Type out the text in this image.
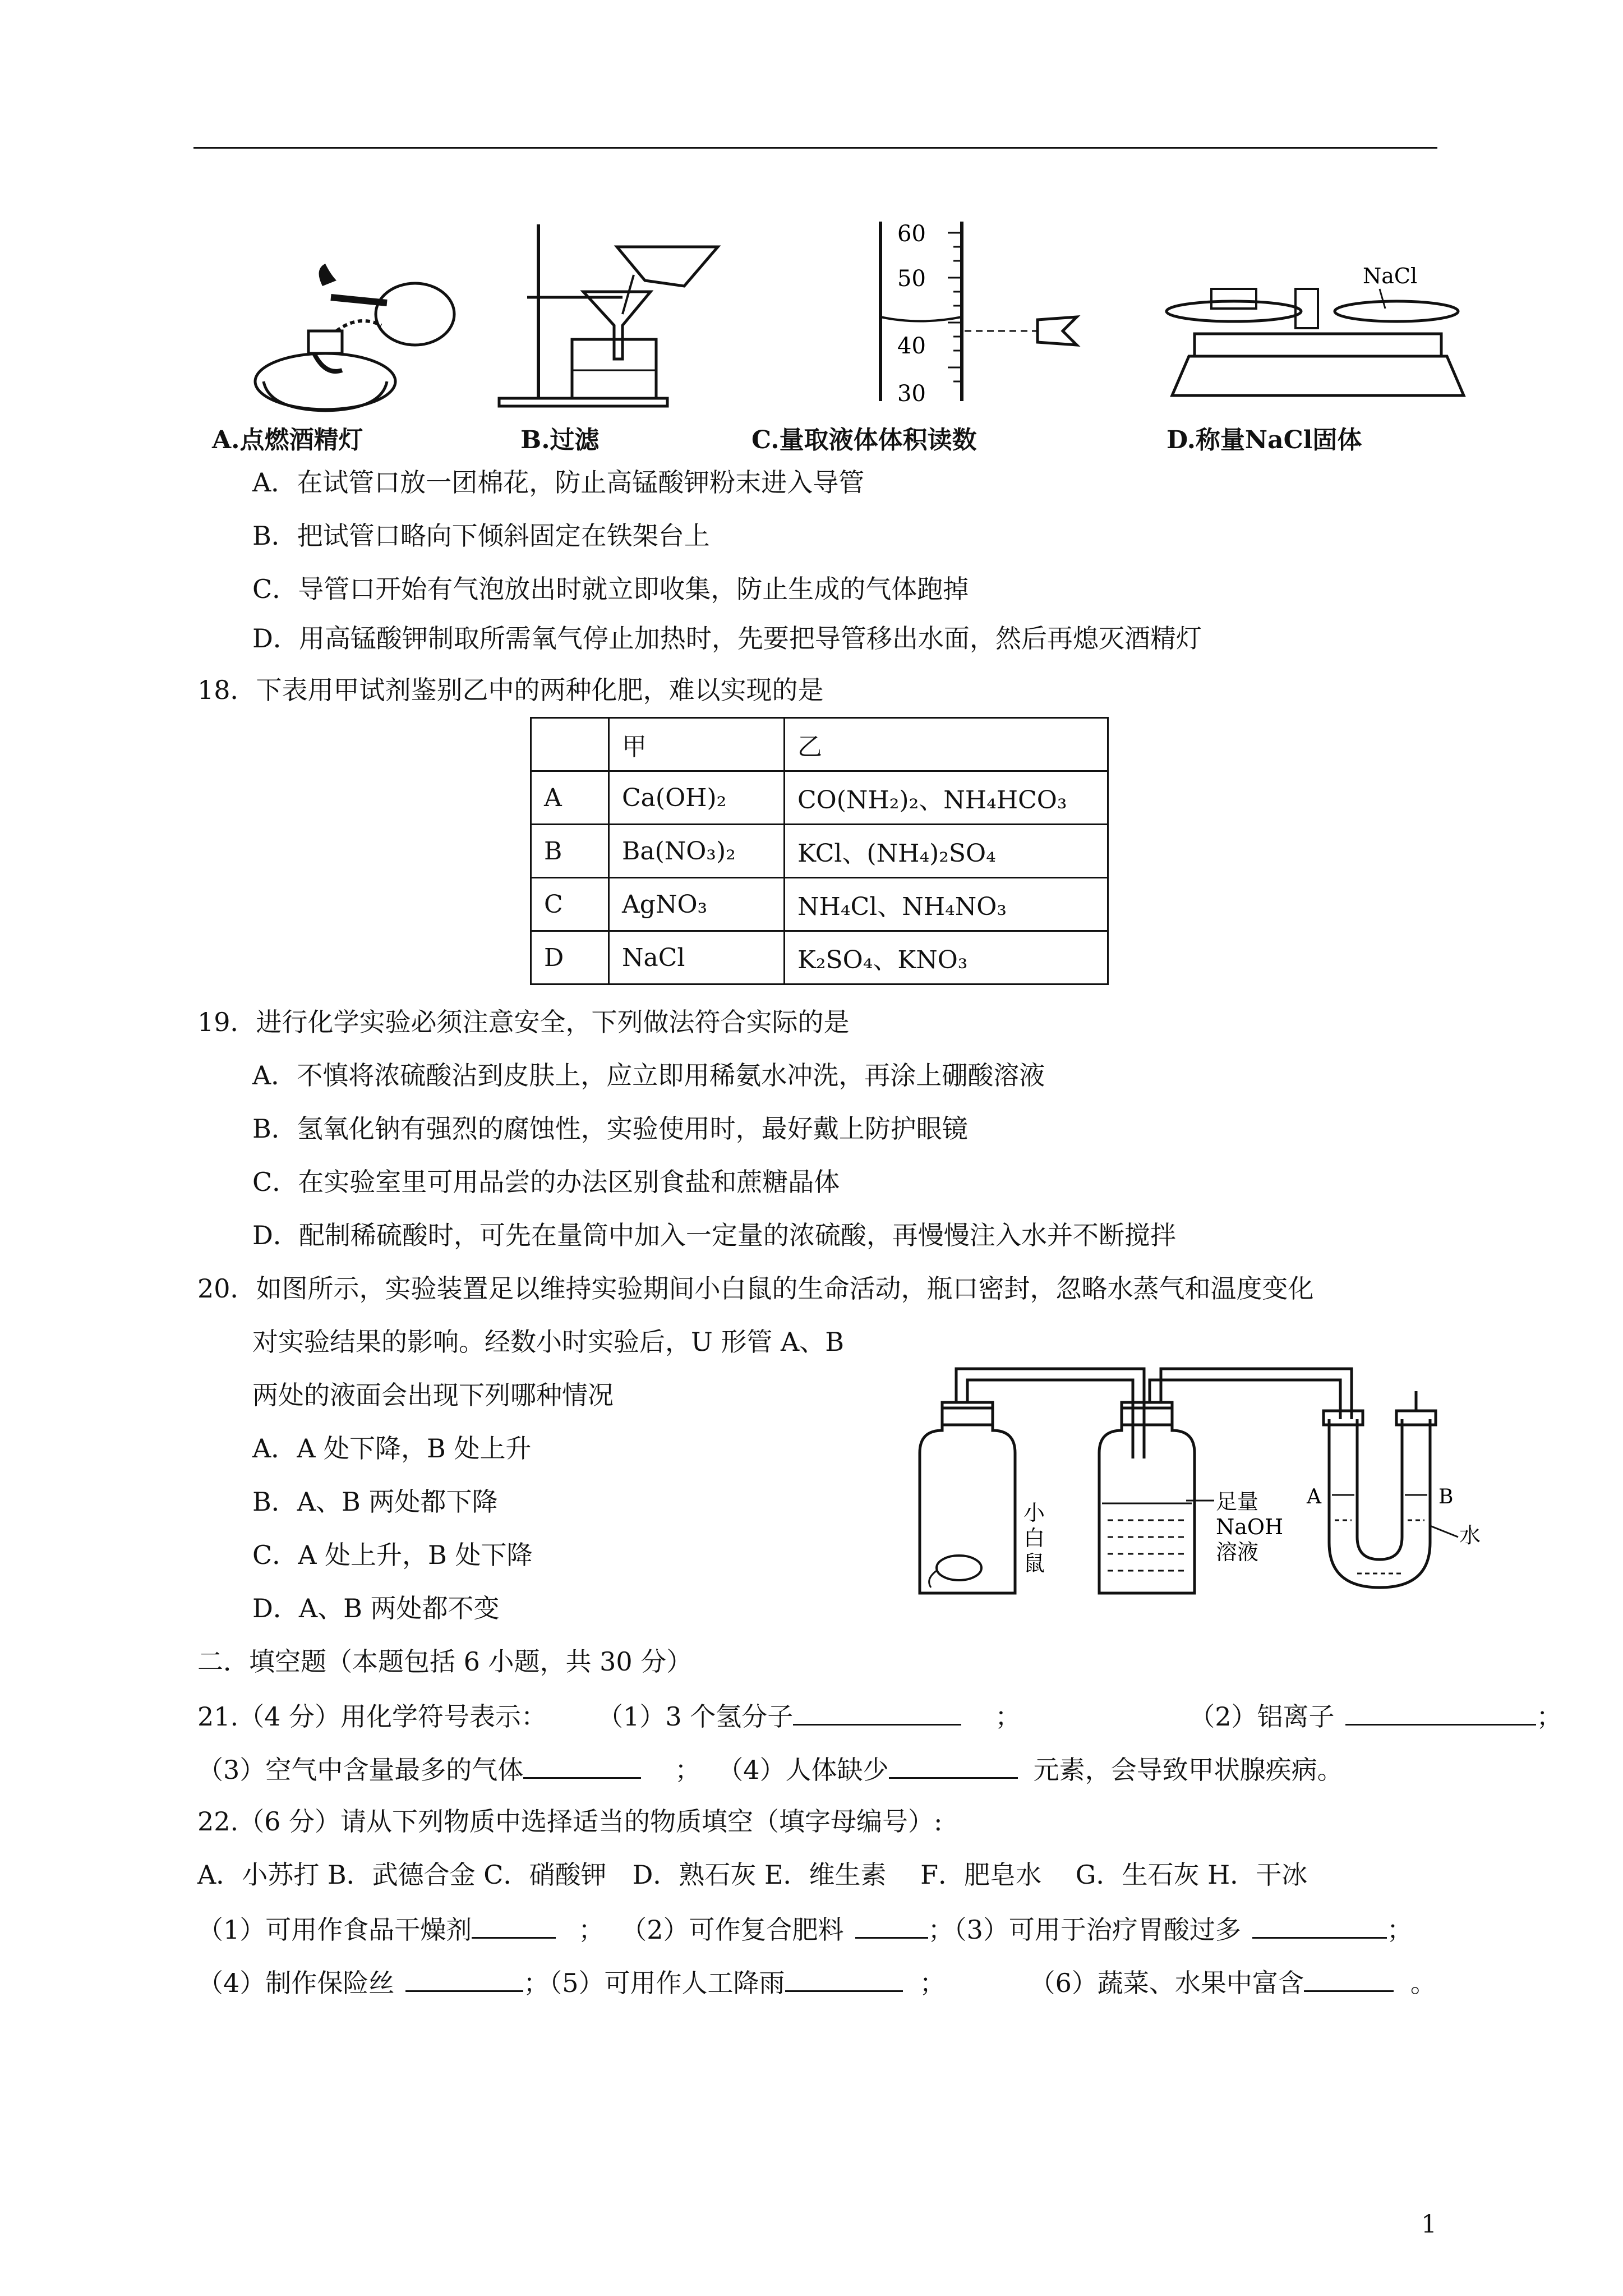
60
50
40
30
NaCl
A.点燃酒精灯	B.过滤	C.量取液体体积读数	D.称量NaCl固体
A．在试管口放一团棉花，防止高锰酸钾粉末进入导管
B．把试管口略向下倾斜固定在铁架台上
C．导管口开始有气泡放出时就立即收集，防止生成的气体跑掉
D．用高锰酸钾制取所需氧气停止加热时，先要把导管移出水面，然后再熄灭酒精灯
18．下表用甲试剂鉴别乙中的两种化肥，难以实现的是
	甲	乙
A	Ca(OH)₂	CO(NH₂)₂、NH₄HCO₃
B	Ba(NO₃)₂	KCl、(NH₄)₂SO₄
C	AgNO₃	NH₄Cl、NH₄NO₃
D	NaCl	K₂SO₄、KNO₃
19．进行化学实验必须注意安全，下列做法符合实际的是
A．不慎将浓硫酸沾到皮肤上，应立即用稀氨水冲洗，再涂上硼酸溶液
B．氢氧化钠有强烈的腐蚀性，实验使用时，最好戴上防护眼镜
C．在实验室里可用品尝的办法区别食盐和蔗糖晶体
D．配制稀硫酸时，可先在量筒中加入一定量的浓硫酸，再慢慢注入水并不断搅拌
20．如图所示，实验装置足以维持实验期间小白鼠的生命活动，瓶口密封，忽略水蒸气和温度变化
对实验结果的影响。经数小时实验后，U 形管 A、B
两处的液面会出现下列哪种情况
A．A 处下降，B 处上升
B．A、B 两处都下降
C．A 处上升，B 处下降
D．A、B 两处都不变
小
白
鼠
足量
NaOH
溶液
A	B
水
二．填空题（本题包括 6 小题，共 30 分）
21.（4 分）用化学符号表示： （1）3 个氢分子	；	（2）铝离子	；
（3）空气中含量最多的气体	； （4）人体缺少	元素，会导致甲状腺疾病。
22.（6 分）请从下列物质中选择适当的物质填空（填字母编号）:
A．小苏打 B．武德合金 C．硝酸钾　D．熟石灰 E．维生素　 F．肥皂水　 G．生石灰 H．干冰
（1）可用作食品干燥剂	； （2）可作复合肥料	；（3）可用于治疗胃酸过多	；
（4）制作保险丝	；（5）可用作人工降雨	；	（6）蔬菜、水果中富含	。
1
